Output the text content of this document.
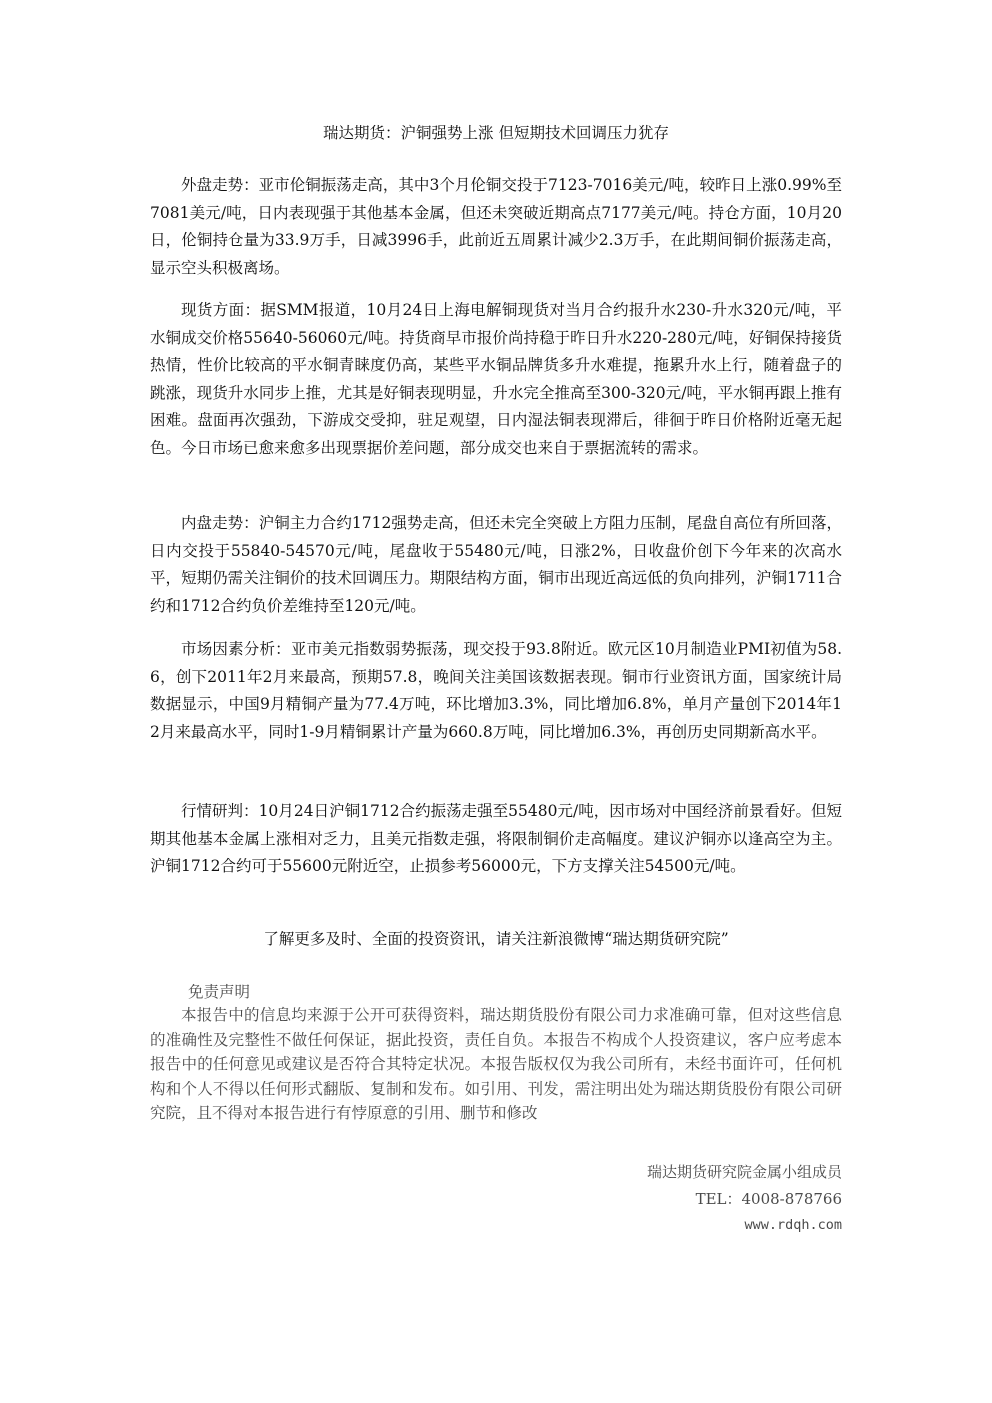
瑞达期货：沪铜强势上涨 但短期技术回调压力犹存

外盘走势：亚市伦铜振荡走高，其中3个月伦铜交投于7123-7016美元/吨，较昨日上涨0.99%至7081美元/吨，日内表现强于其他基本金属，但还未突破近期高点7177美元/吨。持仓方面，10月20日，伦铜持仓量为33.9万手，日减3996手，此前近五周累计减少2.3万手，在此期间铜价振荡走高，显示空头积极离场。

现货方面：据SMM报道，10月24日上海电解铜现货对当月合约报升水230-升水320元/吨，平水铜成交价格55640-56060元/吨。持货商早市报价尚持稳于昨日升水220-280元/吨，好铜保持接货热情，性价比较高的平水铜青睐度仍高，某些平水铜品牌货多升水难提，拖累升水上行，随着盘子的跳涨，现货升水同步上推，尤其是好铜表现明显，升水完全推高至300-320元/吨，平水铜再跟上推有困难。盘面再次强劲，下游成交受抑，驻足观望，日内湿法铜表现滞后，徘徊于昨日价格附近毫无起色。今日市场已愈来愈多出现票据价差问题，部分成交也来自于票据流转的需求。

内盘走势：沪铜主力合约1712强势走高，但还未完全突破上方阻力压制，尾盘自高位有所回落，日内交投于55840-54570元/吨，尾盘收于55480元/吨，日涨2%，日收盘价创下今年来的次高水平，短期仍需关注铜价的技术回调压力。期限结构方面，铜市出现近高远低的负向排列，沪铜1711合约和1712合约负价差维持至120元/吨。

市场因素分析：亚市美元指数弱势振荡，现交投于93.8附近。欧元区10月制造业PMI初值为58.6，创下2011年2月来最高，预期57.8，晚间关注美国该数据表现。铜市行业资讯方面，国家统计局数据显示，中国9月精铜产量为77.4万吨，环比增加3.3%，同比增加6.8%，单月产量创下2014年12月来最高水平，同时1-9月精铜累计产量为660.8万吨，同比增加6.3%，再创历史同期新高水平。

行情研判：10月24日沪铜1712合约振荡走强至55480元/吨，因市场对中国经济前景看好。但短期其他基本金属上涨相对乏力，且美元指数走强，将限制铜价走高幅度。建议沪铜亦以逢高空为主。沪铜1712合约可于55600元附近空，止损参考56000元，下方支撑关注54500元/吨。

了解更多及时、全面的投资资讯，请关注新浪微博“瑞达期货研究院”
免责声明

本报告中的信息均来源于公开可获得资料，瑞达期货股份有限公司力求准确可靠，但对这些信息的准确性及完整性不做任何保证，据此投资，责任自负。本报告不构成个人投资建议，客户应考虑本报告中的任何意见或建议是否符合其特定状况。本报告版权仅为我公司所有，未经书面许可，任何机构和个人不得以任何形式翻版、复制和发布。如引用、刊发，需注明出处为瑞达期货股份有限公司研究院，且不得对本报告进行有悖原意的引用、删节和修改

瑞达期货研究院金属小组成员
TEL：4008-878766
www.rdqh.com
